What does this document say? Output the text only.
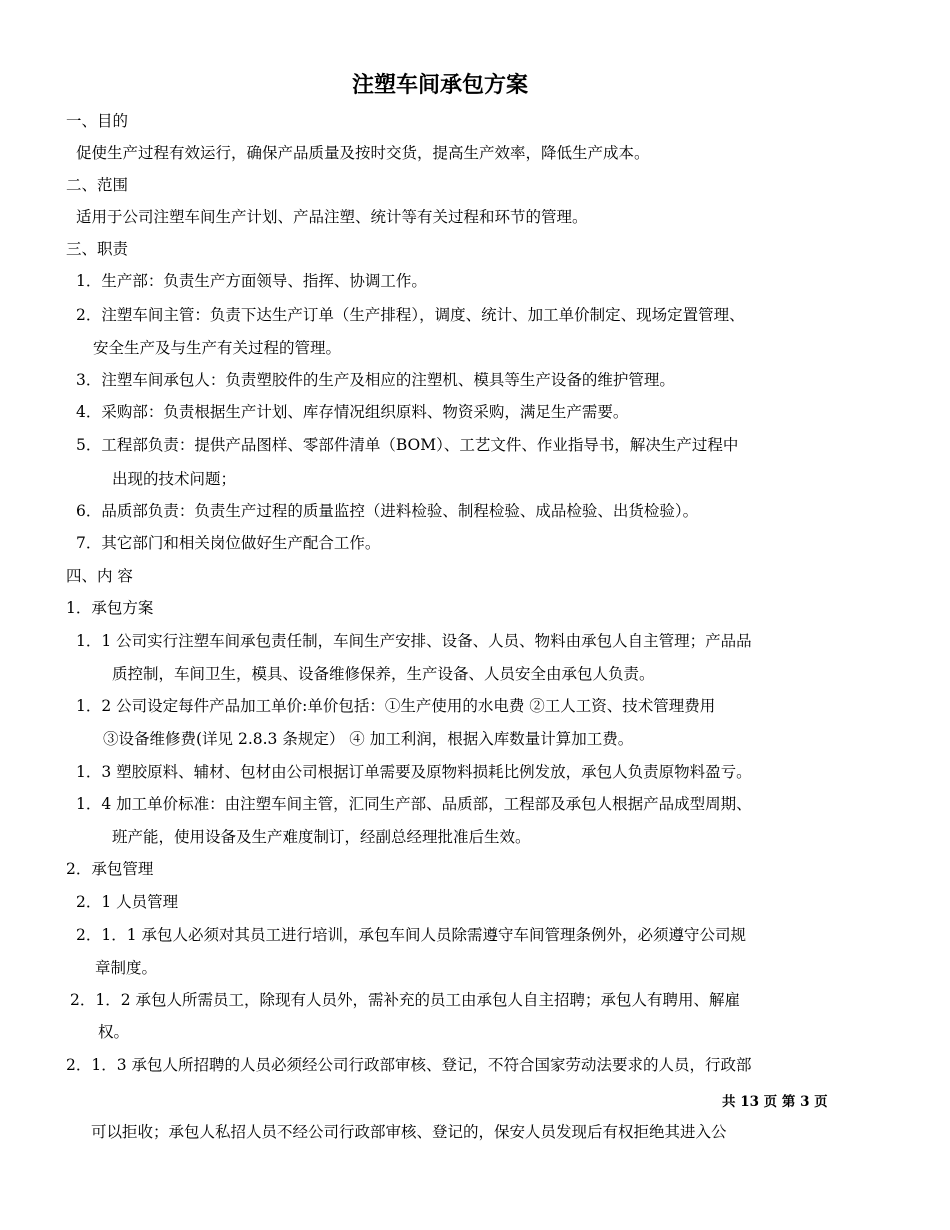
注塑车间承包方案
一、目的
促使生产过程有效运行，确保产品质量及按时交货，提高生产效率，降低生产成本。
二、范围
适用于公司注塑车间生产计划、产品注塑、统计等有关过程和环节的管理。
三、职责
1．生产部：负责生产方面领导、指挥、协调工作。
2．注塑车间主管：负责下达生产订单（生产排程），调度、统计、加工单价制定、现场定置管理、
安全生产及与生产有关过程的管理。
3．注塑车间承包人：负责塑胶件的生产及相应的注塑机、模具等生产设备的维护管理。
4．采购部：负责根据生产计划、库存情况组织原料、物资采购，满足生产需要。
5．工程部负责：提供产品图样、零部件清单（BOM）、工艺文件、作业指导书，解决生产过程中
出现的技术问题；
6．品质部负责：负责生产过程的质量监控（进料检验、制程检验、成品检验、出货检验）。
7．其它部门和相关岗位做好生产配合工作。
四、内 容
1．承包方案
1．1 公司实行注塑车间承包责任制，车间生产安排、设备、人员、物料由承包人自主管理；产品品
质控制，车间卫生，模具、设备维修保养，生产设备、人员安全由承包人负责。
1．2 公司设定每件产品加工单价:单价包括：①生产使用的水电费 ②工人工资、技术管理费用
③设备维修费(详见 2.8.3 条规定） ④ 加工利润，根据入库数量计算加工费。
1．3 塑胶原料、辅材、包材由公司根据订单需要及原物料损耗比例发放，承包人负责原物料盈亏。
1．4 加工单价标准：由注塑车间主管，汇同生产部、品质部，工程部及承包人根据产品成型周期、
班产能，使用设备及生产难度制订，经副总经理批准后生效。
2．承包管理
2．1 人员管理
2．1．1 承包人必须对其员工进行培训，承包车间人员除需遵守车间管理条例外，必须遵守公司规
章制度。
2．1．2 承包人所需员工，除现有人员外，需补充的员工由承包人自主招聘；承包人有聘用、解雇
权。
2．1．3 承包人所招聘的人员必须经公司行政部审核、登记，不符合国家劳动法要求的人员，行政部
共 13 页 第 3 页
可以拒收；承包人私招人员不经公司行政部审核、登记的，保安人员发现后有权拒绝其进入公
